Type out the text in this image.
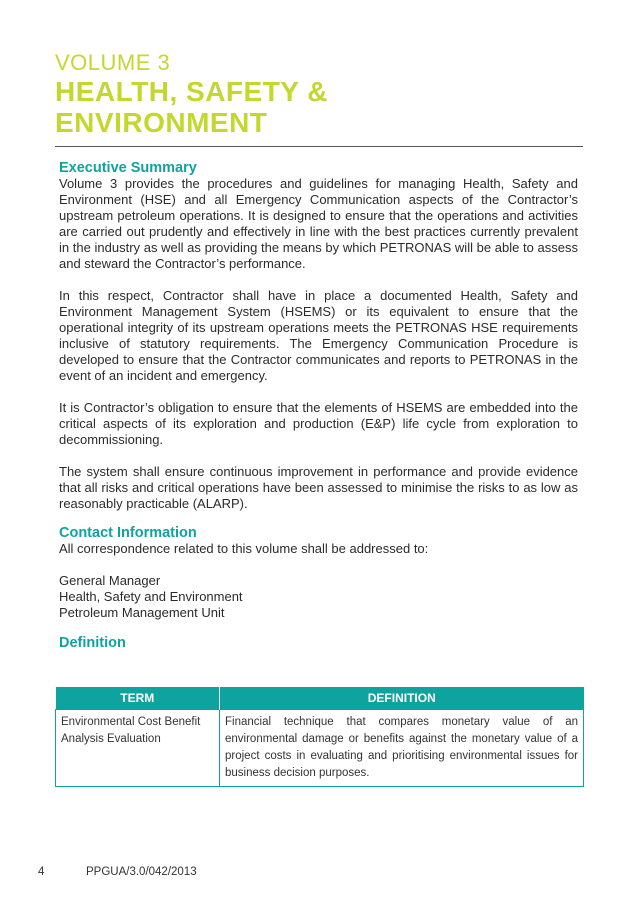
VOLUME 3
HEALTH, SAFETY &
ENVIRONMENT
Executive Summary

Volume 3 provides the procedures and guidelines for managing Health, Safety and Environment (HSE) and all Emergency Communication aspects of the Contractor’s upstream petroleum operations. It is designed to ensure that the operations and activities are carried out prudently and effectively in line with the best practices currently prevalent in the industry as well as providing the means by which PETRONAS will be able to assess and steward the Contractor’s performance.

In this respect, Contractor shall have in place a documented Health, Safety and Environment Management System (HSEMS) or its equivalent to ensure that the operational integrity of its upstream operations meets the PETRONAS HSE requirements inclusive of statutory requirements. The Emergency Communication Procedure is developed to ensure that the Contractor communicates and reports to PETRONAS in the event of an incident and emergency.

It is Contractor’s obligation to ensure that the elements of HSEMS are embedded into the critical aspects of its exploration and production (E&P) life cycle from exploration to decommissioning.

The system shall ensure continuous improvement in performance and provide evidence that all risks and critical operations have been assessed to minimise the risks to as low as reasonably practicable (ALARP).

Contact Information

All correspondence related to this volume shall be addressed to:

General Manager
Health, Safety and Environment
Petroleum Management Unit
Definition
TERM	DEFINITION
Environmental Cost Benefit Analysis Evaluation	Financial technique that compares monetary value of an environmental damage or benefits against the monetary value of a project costs in evaluating and prioritising environmental issues for business decision purposes.
4	PPGUA/3.0/042/2013
